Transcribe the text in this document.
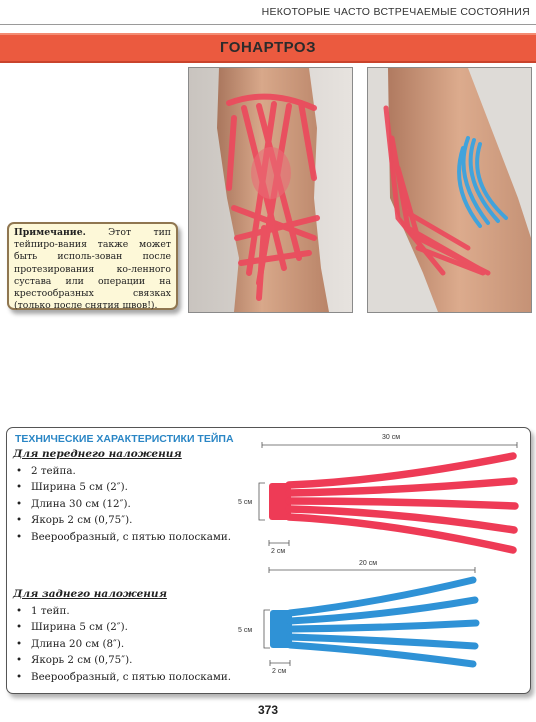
НЕКОТОРЫЕ ЧАСТО ВСТРЕЧАЕМЫЕ СОСТОЯНИЯ
ГОНАРТРОЗ
Примечание. Этот тип тейпиро-вания также может быть исполь-зован после протезирования ко-ленного сустава или операции на крестообразных связках (только после снятия швов!).
ТЕХНИЧЕСКИЕ ХАРАКТЕРИСТИКИ ТЕЙПА
Для переднего наложения
• 2 тейпа.
• Ширина 5 см (2″).
• Длина 30 см (12″).
• Якорь 2 см (0,75″).
• Веерообразный, с пятью полосками.
Для заднего наложения
• 1 тейп.
• Ширина 5 см (2″).
• Длина 20 см (8″).
• Якорь 2 см (0,75″).
• Веерообразный, с пятью полосками.
30 см
5 см
2 см
20 см
5 см
2 см
373
